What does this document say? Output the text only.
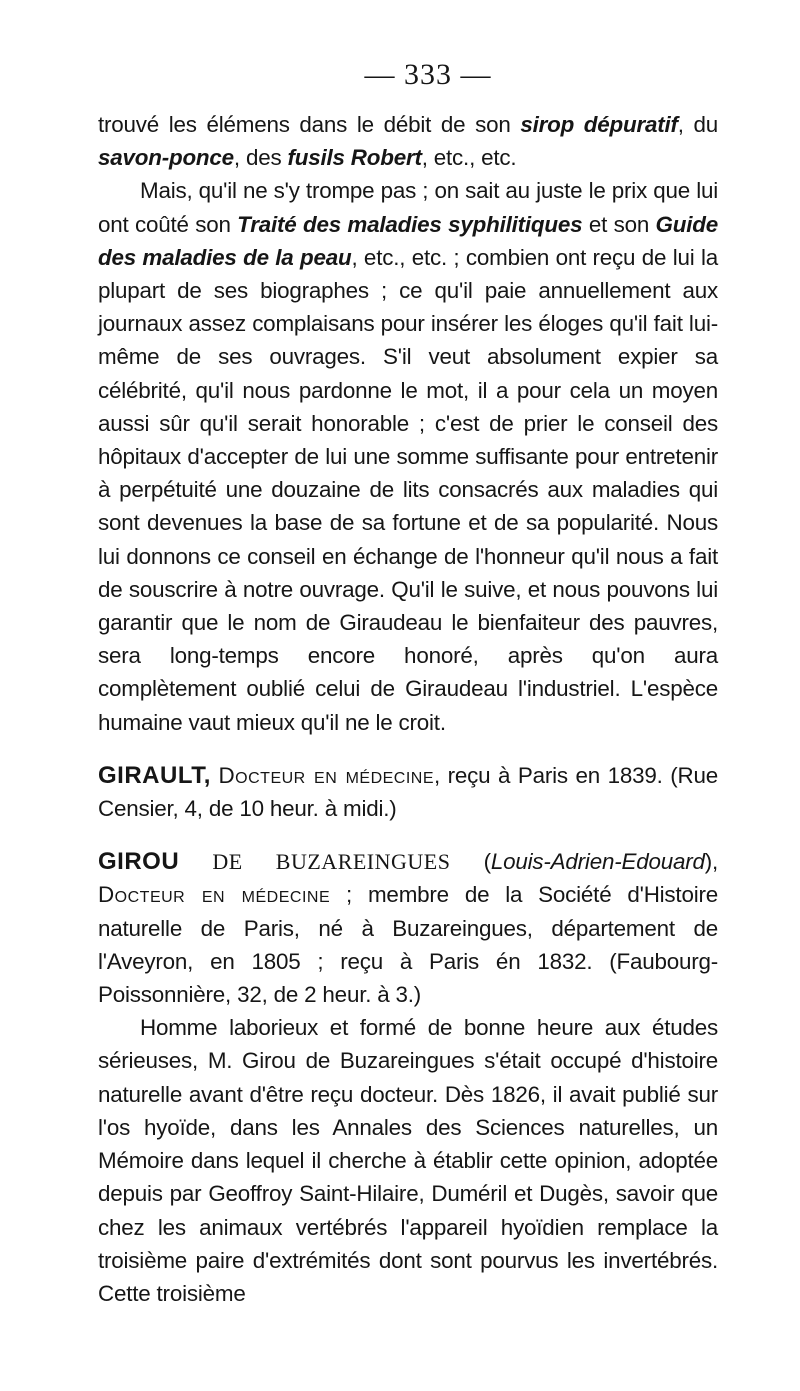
— 333 —

trouvé les élémens dans le débit de son sirop dépuratif, du savon-ponce, des fusils Robert, etc., etc.

Mais, qu'il ne s'y trompe pas ; on sait au juste le prix que lui ont coûté son Traité des maladies syphilitiques et son Guide des maladies de la peau, etc., etc. ; combien ont reçu de lui la plupart de ses biographes ; ce qu'il paie annuellement aux journaux assez complaisans pour insérer les éloges qu'il fait lui-même de ses ouvrages. S'il veut absolument expier sa célébrité, qu'il nous pardonne le mot, il a pour cela un moyen aussi sûr qu'il serait honorable ; c'est de prier le conseil des hôpitaux d'accepter de lui une somme suffisante pour entretenir à perpétuité une douzaine de lits consacrés aux maladies qui sont devenues la base de sa fortune et de sa popularité. Nous lui donnons ce conseil en échange de l'honneur qu'il nous a fait de souscrire à notre ouvrage. Qu'il le suive, et nous pouvons lui garantir que le nom de Giraudeau le bienfaiteur des pauvres, sera long-temps encore honoré, après qu'on aura complètement oublié celui de Giraudeau l'industriel. L'espèce humaine vaut mieux qu'il ne le croit.

GIRAULT, Docteur en médecine, reçu à Paris en 1839. (Rue Censier, 4, de 10 heur. à midi.)

GIROU DE BUZAREINGUES (Louis-Adrien-Edouard), Docteur en médecine ; membre de la Société d'Histoire naturelle de Paris, né à Buzareingues, département de l'Aveyron, en 1805 ; reçu à Paris én 1832. (Faubourg-Poissonnière, 32, de 2 heur. à 3.)

Homme laborieux et formé de bonne heure aux études sérieuses, M. Girou de Buzareingues s'était occupé d'histoire naturelle avant d'être reçu docteur. Dès 1826, il avait publié sur l'os hyoïde, dans les Annales des Sciences naturelles, un Mémoire dans lequel il cherche à établir cette opinion, adoptée depuis par Geoffroy Saint-Hilaire, Duméril et Dugès, savoir que chez les animaux vertébrés l'appareil hyoïdien remplace la troisième paire d'extrémités dont sont pourvus les invertébrés. Cette troisième
